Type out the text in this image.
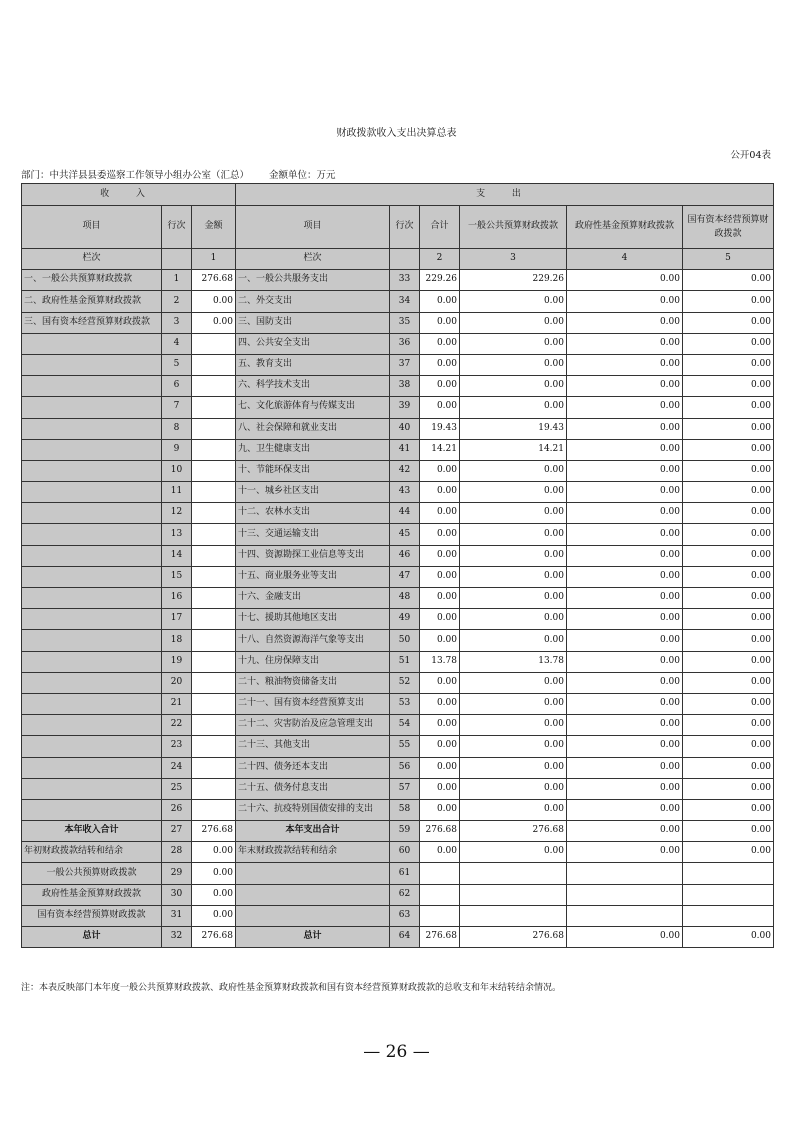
财政拨款收入支出决算总表
公开04表
部门：中共洋县县委巡察工作领导小组办公室（汇总） 金额单位：万元
收 入			支 出					
项目	行次	金额	项目	行次	合计	一般公共预算财政拨款	政府性基金预算财政拨款	国有资本经营预算财政拨款
栏次		1	栏次		2	3	4	5
一、一般公共预算财政拨款	1	276.68	一、一般公共服务支出	33	229.26	229.26	0.00	0.00
二、政府性基金预算财政拨款	2	0.00	二、外交支出	34	0.00	0.00	0.00	0.00
三、国有资本经营预算财政拨款	3	0.00	三、国防支出	35	0.00	0.00	0.00	0.00
	4		四、公共安全支出	36	0.00	0.00	0.00	0.00
	5		五、教育支出	37	0.00	0.00	0.00	0.00
	6		六、科学技术支出	38	0.00	0.00	0.00	0.00
	7		七、文化旅游体育与传媒支出	39	0.00	0.00	0.00	0.00
	8		八、社会保障和就业支出	40	19.43	19.43	0.00	0.00
	9		九、卫生健康支出	41	14.21	14.21	0.00	0.00
	10		十、节能环保支出	42	0.00	0.00	0.00	0.00
	11		十一、城乡社区支出	43	0.00	0.00	0.00	0.00
	12		十二、农林水支出	44	0.00	0.00	0.00	0.00
	13		十三、交通运输支出	45	0.00	0.00	0.00	0.00
	14		十四、资源勘探工业信息等支出	46	0.00	0.00	0.00	0.00
	15		十五、商业服务业等支出	47	0.00	0.00	0.00	0.00
	16		十六、金融支出	48	0.00	0.00	0.00	0.00
	17		十七、援助其他地区支出	49	0.00	0.00	0.00	0.00
	18		十八、自然资源海洋气象等支出	50	0.00	0.00	0.00	0.00
	19		十九、住房保障支出	51	13.78	13.78	0.00	0.00
	20		二十、粮油物资储备支出	52	0.00	0.00	0.00	0.00
	21		二十一、国有资本经营预算支出	53	0.00	0.00	0.00	0.00
	22		二十二、灾害防治及应急管理支出	54	0.00	0.00	0.00	0.00
	23		二十三、其他支出	55	0.00	0.00	0.00	0.00
	24		二十四、债务还本支出	56	0.00	0.00	0.00	0.00
	25		二十五、债务付息支出	57	0.00	0.00	0.00	0.00
	26		二十六、抗疫特别国债安排的支出	58	0.00	0.00	0.00	0.00
本年收入合计	27	276.68	本年支出合计	59	276.68	276.68	0.00	0.00
年初财政拨款结转和结余	28	0.00	年末财政拨款结转和结余	60	0.00	0.00	0.00	0.00
一般公共预算财政拨款	29	0.00		61				
政府性基金预算财政拨款	30	0.00		62				
国有资本经营预算财政拨款	31	0.00		63				
总计	32	276.68	总计	64	276.68	276.68	0.00	0.00
注：本表反映部门本年度一般公共预算财政拨款、政府性基金预算财政拨款和国有资本经营预算财政拨款的总收支和年末结转结余情况。
— 26 —
